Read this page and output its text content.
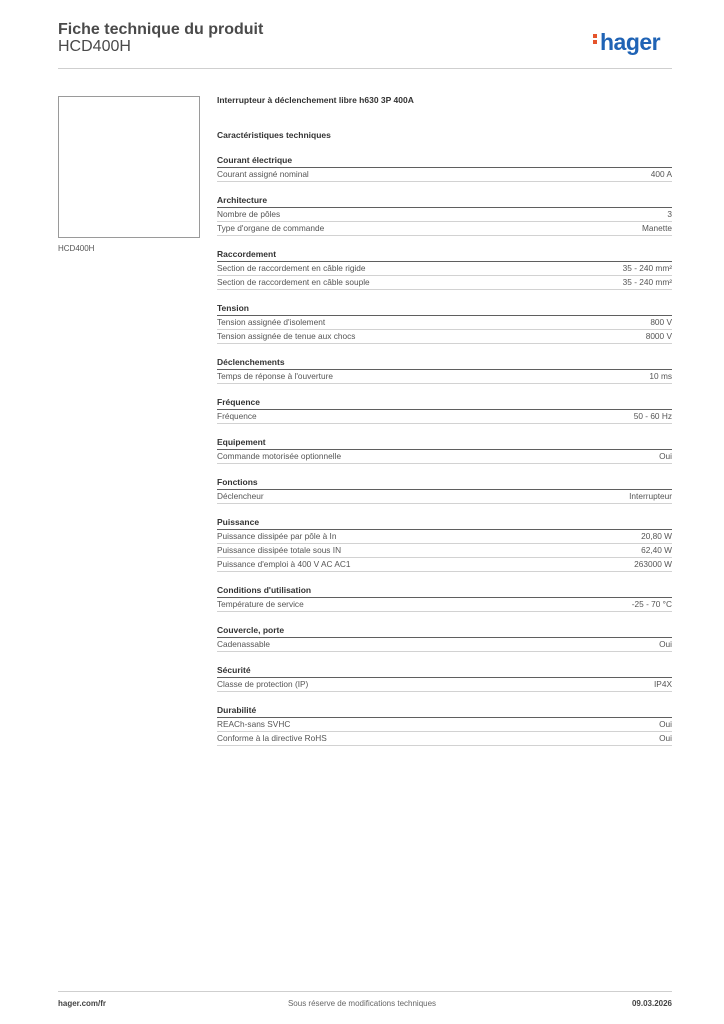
Fiche technique du produit
HCD400H	hager
HCD400H
Interrupteur à déclenchement libre h630 3P 400A
Caractéristiques techniques
Courant électrique
Courant assigné nominal	400 A
Architecture
Nombre de pôles	3
Type d'organe de commande	Manette
Raccordement
Section de raccordement en câble rigide	35 - 240 mm²
Section de raccordement en câble souple	35 - 240 mm²
Tension
Tension assignée d'isolement	800 V
Tension assignée de tenue aux chocs	8000 V
Déclenchements
Temps de réponse à l'ouverture	10 ms
Fréquence
Fréquence	50 - 60 Hz
Equipement
Commande motorisée optionnelle	Oui
Fonctions
Déclencheur	Interrupteur
Puissance
Puissance dissipée par pôle à In	20,80 W
Puissance dissipée totale sous IN	62,40 W
Puissance d'emploi à 400 V AC AC1	263000 W
Conditions d'utilisation
Température de service	-25 - 70 °C
Couvercle, porte
Cadenassable	Oui
Sécurité
Classe de protection (IP)	IP4X
Durabilité
REACh-sans SVHC	Oui
Conforme à la directive RoHS	Oui
hager.com/fr	Sous réserve de modifications techniques	09.03.2026
